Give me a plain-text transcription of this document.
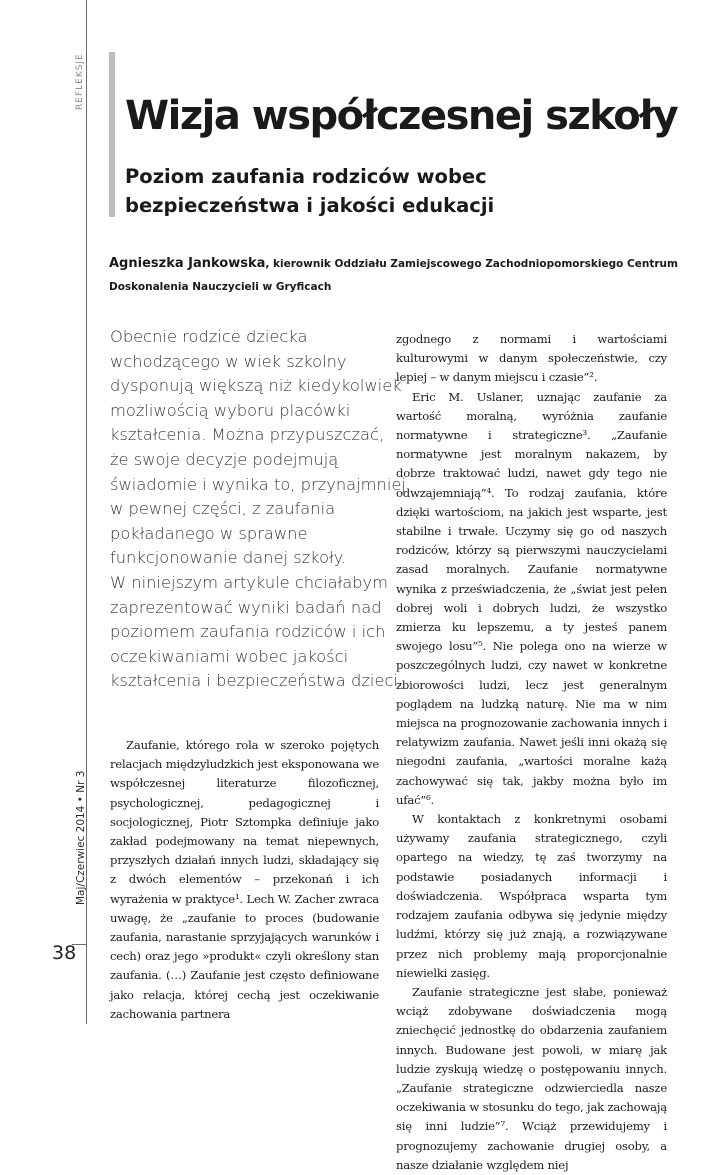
REFLEKSJE
Maj/Czerwiec 2014 • Nr 3
38
Wizja współczesnej szkoły
Poziom zaufania rodziców wobec
bezpieczeństwa i jakości edukacji
Agnieszka Jankowska, kierownik Oddziału Zamiejscowego Zachodniopomorskiego Centrum
Doskonalenia Nauczycieli w Gryficach
Obecnie rodzice dziecka
wchodzącego w wiek szkolny
dysponują większą niż kiedykolwiek
możliwością wyboru placówki
kształcenia. Można przypuszczać,
że swoje decyzje podejmują
świadomie i wynika to, przynajmniej
w pewnej części, z zaufania
pokładanego w sprawne
funkcjonowanie danej szkoły.
W niniejszym artykule chciałabym
zaprezentować wyniki badań nad
poziomem zaufania rodziców i ich
oczekiwaniami wobec jakości
kształcenia i bezpieczeństwa dzieci.

Zaufanie, którego rola w szeroko pojętych relacjach międzyludzkich jest eksponowana we współczesnej literaturze filozoficznej, psychologicznej, pedagogicznej i socjologicznej, Piotr Sztompka definiuje jako zakład podejmowany na temat niepewnych, przyszłych działań innych ludzi, składający się z dwóch elementów – przekonań i ich wyrażenia w praktyce¹. Lech W. Zacher zwraca uwagę, że „zaufanie to proces (budowanie zaufania, narastanie sprzyjających warunków i cech) oraz jego »produkt« czyli określony stan zaufania. (…) Zaufanie jest często definiowane jako relacja, której cechą jest oczekiwanie zachowania partnera

zgodnego z normami i wartościami kulturowymi w danym społeczeństwie, czy lepiej – w danym miejscu i czasie”².

Eric M. Uslaner, uznając zaufanie za wartość moralną, wyróżnia zaufanie normatywne i strategiczne³. „Zaufanie normatywne jest moralnym nakazem, by dobrze traktować ludzi, nawet gdy tego nie odwzajemniają”⁴. To rodzaj zaufania, które dzięki wartościom, na jakich jest wsparte, jest stabilne i trwałe. Uczymy się go od naszych rodziców, którzy są pierwszymi nauczycielami zasad moralnych. Zaufanie normatywne wynika z przeświadczenia, że „świat jest pełen dobrej woli i dobrych ludzi, że wszystko zmierza ku lepszemu, a ty jesteś panem swojego losu”⁵. Nie polega ono na wierze w poszczególnych ludzi, czy nawet w konkretne zbiorowości ludzi, lecz jest generalnym poglądem na ludzką naturę. Nie ma w nim miejsca na prognozowanie zachowania innych i relatywizm zaufania. Nawet jeśli inni okażą się niegodni zaufania, „wartości moralne każą zachowywać się tak, jakby można było im ufać”⁶.

W kontaktach z konkretnymi osobami używamy zaufania strategicznego, czyli opartego na wiedzy, tę zaś tworzymy na podstawie posiadanych informacji i doświadczenia. Współpraca wsparta tym rodzajem zaufania odbywa się jedynie między ludźmi, którzy się już znają, a rozwiązywane przez nich problemy mają proporcjonalnie niewielki zasięg.

Zaufanie strategiczne jest słabe, ponieważ wciąż zdobywane doświadczenia mogą zniechęcić jednostkę do obdarzenia zaufaniem innych. Budowane jest powoli, w miarę jak ludzie zyskują wiedzę o postępowaniu innych. „Zaufanie strategiczne odzwierciedla nasze oczekiwania w stosunku do tego, jak zachowają się inni ludzie”⁷. Wciąż przewidujemy i prognozujemy zachowanie drugiej osoby, a nasze działanie względem niej
